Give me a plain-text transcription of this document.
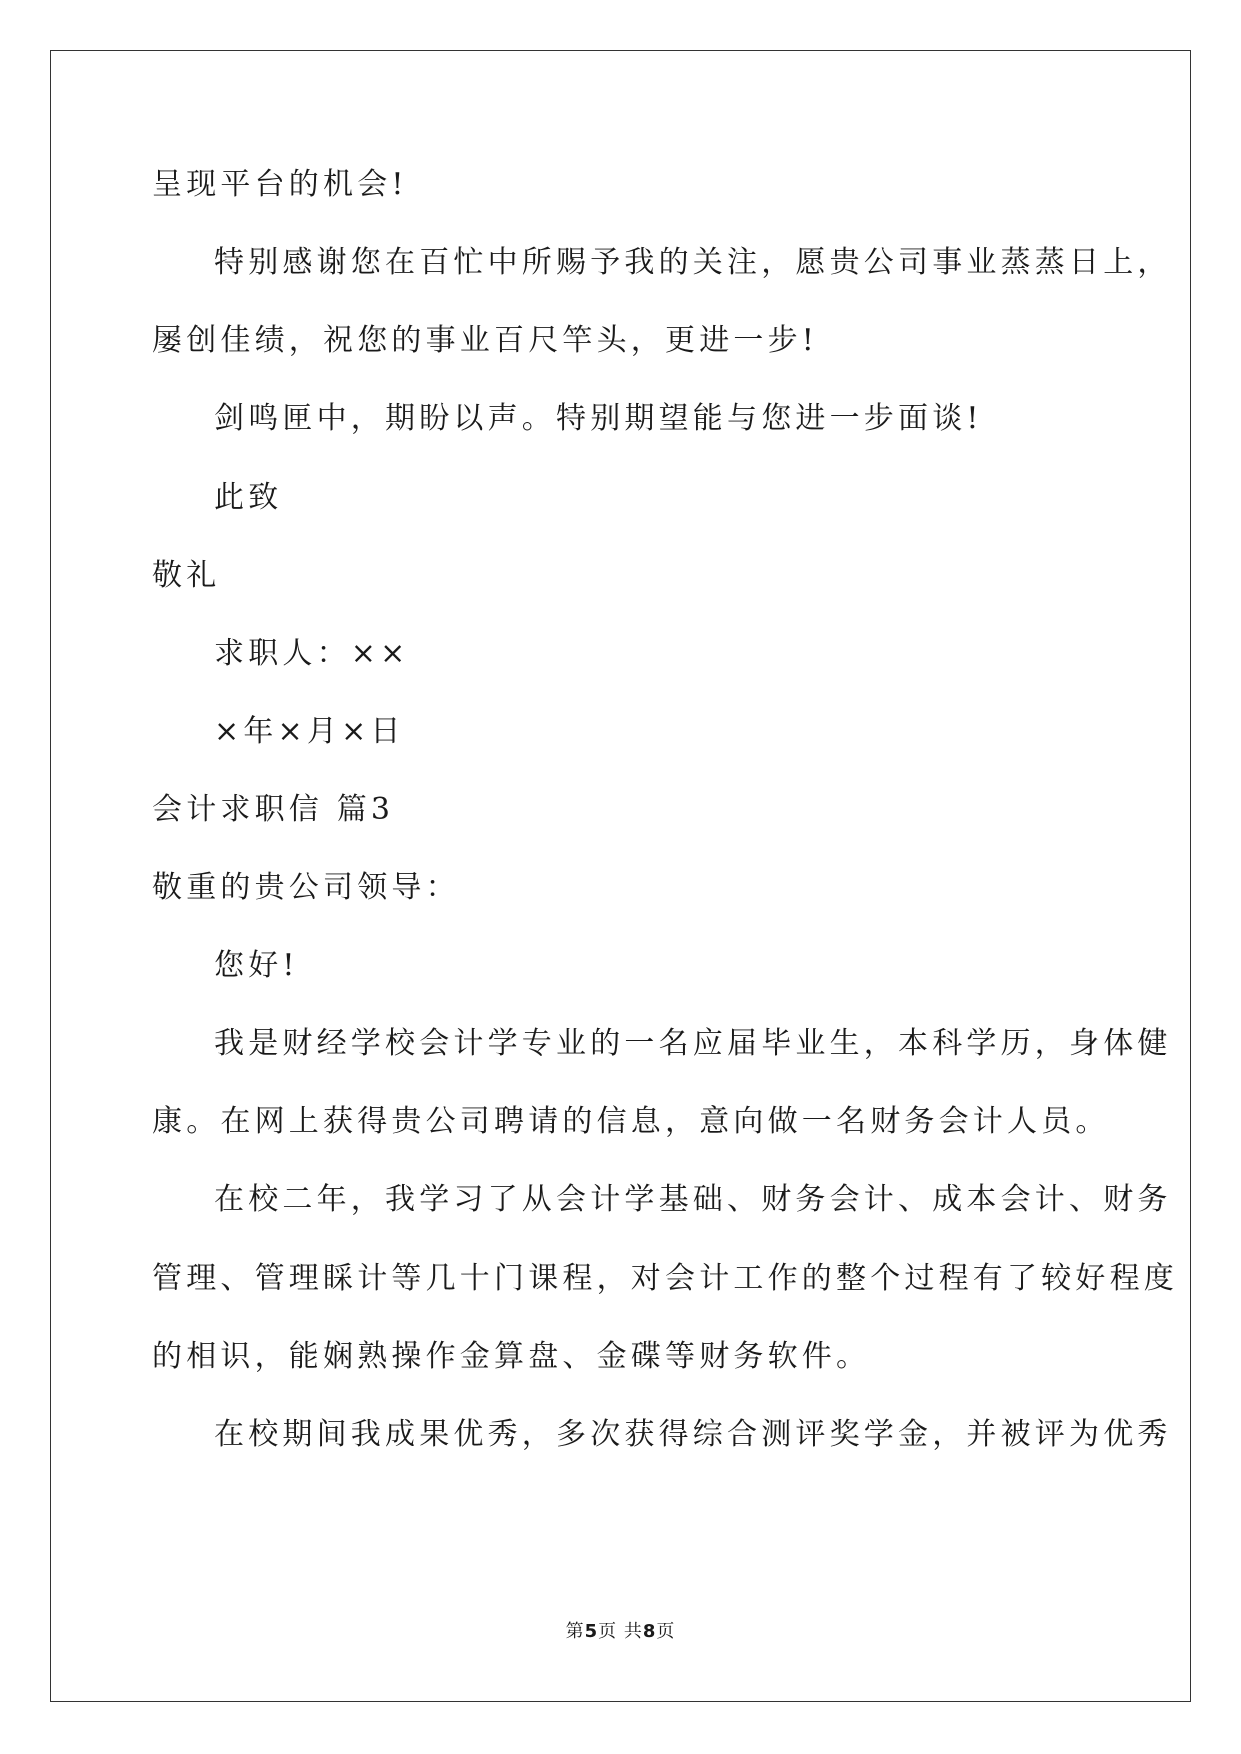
呈现平台的机会!
特别感谢您在百忙中所赐予我的关注，愿贵公司事业蒸蒸日上，
屡创佳绩，祝您的事业百尺竿头，更进一步!
剑鸣匣中，期盼以声。特别期望能与您进一步面谈!
此致
敬礼
求职人：××
×年×月×日
会计求职信 篇3
敬重的贵公司领导：
您好!
我是财经学校会计学专业的一名应届毕业生，本科学历，身体健
康。在网上获得贵公司聘请的信息，意向做一名财务会计人员。
在校二年，我学习了从会计学基础、财务会计、成本会计、财务
管理、管理睬计等几十门课程，对会计工作的整个过程有了较好程度
的相识，能娴熟操作金算盘、金碟等财务软件。
在校期间我成果优秀，多次获得综合测评奖学金，并被评为优秀
第5页 共8页
